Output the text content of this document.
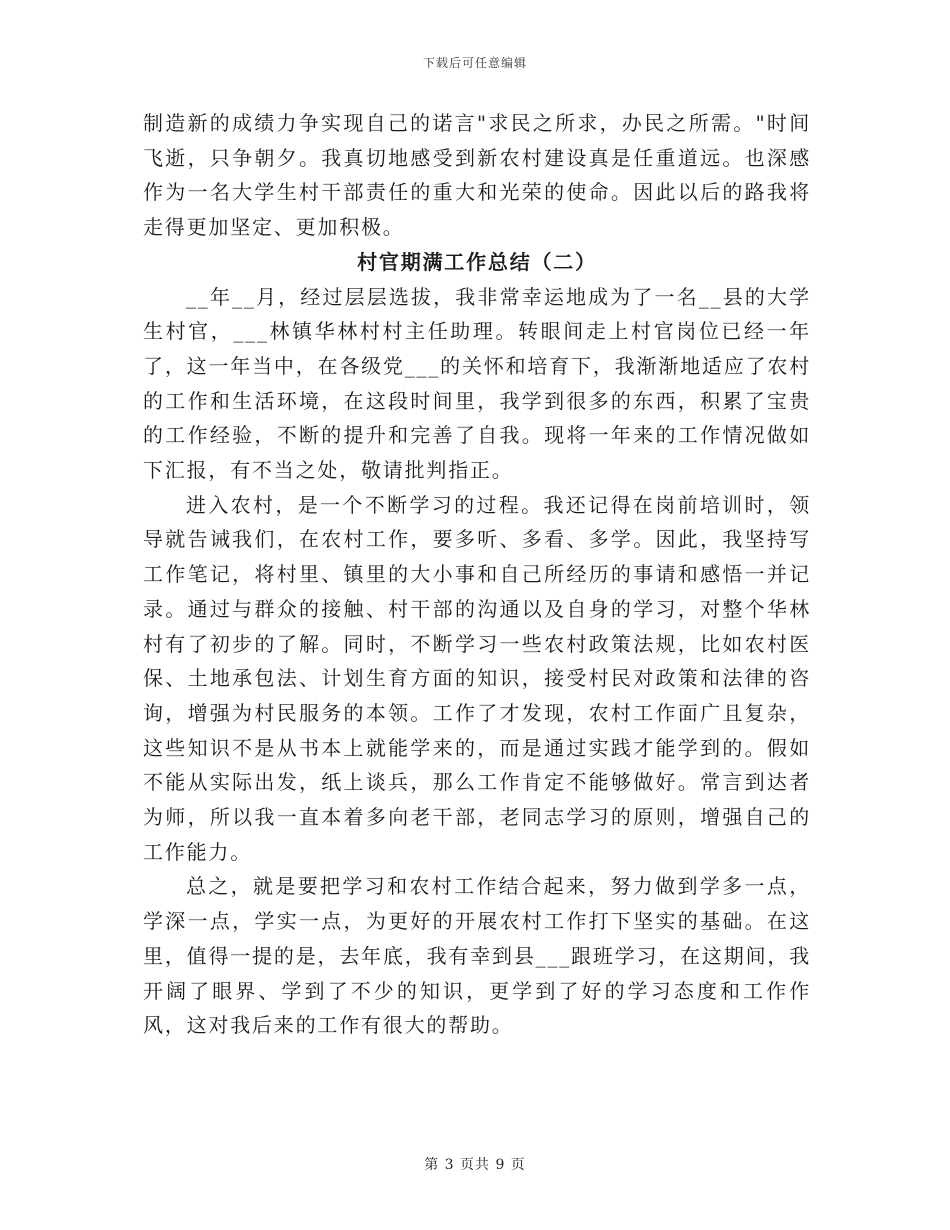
下载后可任意编辑

制造新的成绩力争实现自己的诺言"求民之所求，办民之所需。"时间飞逝，只争朝夕。我真切地感受到新农村建设真是任重道远。也深感作为一名大学生村干部责任的重大和光荣的使命。因此以后的路我将走得更加坚定、更加积极。

村官期满工作总结（二）

__年__月，经过层层选拔，我非常幸运地成为了一名__县的大学生村官，___林镇华林村村主任助理。转眼间走上村官岗位已经一年了，这一年当中，在各级党___的关怀和培育下，我渐渐地适应了农村的工作和生活环境，在这段时间里，我学到很多的东西，积累了宝贵的工作经验，不断的提升和完善了自我。现将一年来的工作情况做如下汇报，有不当之处，敬请批判指正。

进入农村，是一个不断学习的过程。我还记得在岗前培训时，领导就告诫我们，在农村工作，要多听、多看、多学。因此，我坚持写工作笔记，将村里、镇里的大小事和自己所经历的事请和感悟一并记录。通过与群众的接触、村干部的沟通以及自身的学习，对整个华林村有了初步的了解。同时，不断学习一些农村政策法规，比如农村医保、土地承包法、计划生育方面的知识，接受村民对政策和法律的咨询，增强为村民服务的本领。工作了才发现，农村工作面广且复杂，这些知识不是从书本上就能学来的，而是通过实践才能学到的。假如不能从实际出发，纸上谈兵，那么工作肯定不能够做好。常言到达者为师，所以我一直本着多向老干部，老同志学习的原则，增强自己的工作能力。

总之，就是要把学习和农村工作结合起来，努力做到学多一点，学深一点，学实一点，为更好的开展农村工作打下坚实的基础。在这里，值得一提的是，去年底，我有幸到县___跟班学习，在这期间，我开阔了眼界、学到了不少的知识，更学到了好的学习态度和工作作风，这对我后来的工作有很大的帮助。

第 3 页共 9 页
